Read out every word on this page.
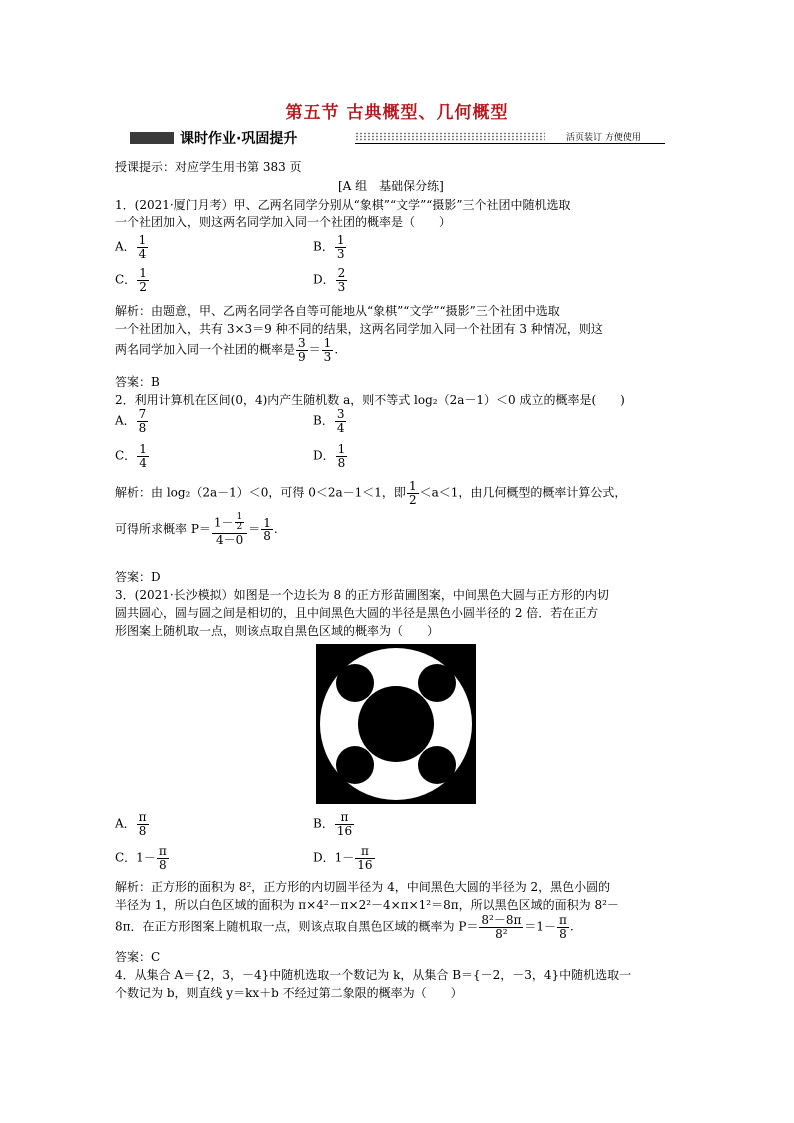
第五节 古典概型、几何概型
课时作业·巩固提升	活页装订 方便使用
授课提示：对应学生用书第 383 页
[A 组　基础保分练]
1．(2021·厦门月考）甲、乙两名同学分别从“象棋”“文学”“摄影”三个社团中随机选取
一个社团加入，则这两名同学加入同一个社团的概率是（　　）
A． $\frac{1}{4}$	B． $\frac{1}{3}$
C． $\frac{1}{2}$	D． $\frac{2}{3}$
解析：由题意，甲、乙两名同学各自等可能地从“象棋”“文学”“摄影”三个社团中选取
一个社团加入，共有 3×3＝9 种不同的结果，这两名同学加入同一个社团有 3 种情况，则这
两名同学加入同一个社团的概率是 $\frac{3}{9} = \frac{1}{3}$ .
答案：B
2．利用计算机在区间(0，4)内产生随机数 a，则不等式 log₂（2a－1）＜0 成立的概率是(　　)
A． $\frac{7}{8}$	B． $\frac{3}{4}$
C． $\frac{1}{4}$	D． $\frac{1}{8}$
解析：由 log₂（2a－1）＜0，可得 0＜2a－1＜1，即 $\frac{1}{2} <a<1$，由几何概型的概率计算公式，
可得所求概率 $P= \frac{1- \frac{1}{2}}{4-0} = \frac{1}{8}$ .
答案：D
3．(2021·长沙模拟）如图是一个边长为 8 的正方形苗圃图案，中间黑色大圆与正方形的内切
圆共圆心，圆与圆之间是相切的，且中间黑色大圆的半径是黑色小圆半径的 2 倍．若在正方
形图案上随机取一点，则该点取自黑色区域的概率为（　　）
A． $\frac{\pi}{8}$	B． $\frac{\pi}{16}$
C．$1- \frac{\pi}{8}$	D．$1- \frac{\pi}{16}$
解析：正方形的面积为 8²，正方形的内切圆半径为 4，中间黑色大圆的半径为 2，黑色小圆的
半径为 1，所以白色区域的面积为 π×4²－π×2²－4×π×1²＝8π，所以黑色区域的面积为 8²－
8π．在正方形图案上随机取一点，则该点取自黑色区域的概率为 $P= \frac{\text{8²－8π}}{\text{8²}} =1- \frac{\pi}{8}$ .
答案：C
4．从集合 A＝{2，3，－4}中随机选取一个数记为 k，从集合 B＝{－2，－3，4}中随机选取一
个数记为 b，则直线 y＝kx＋b 不经过第二象限的概率为（　　）
